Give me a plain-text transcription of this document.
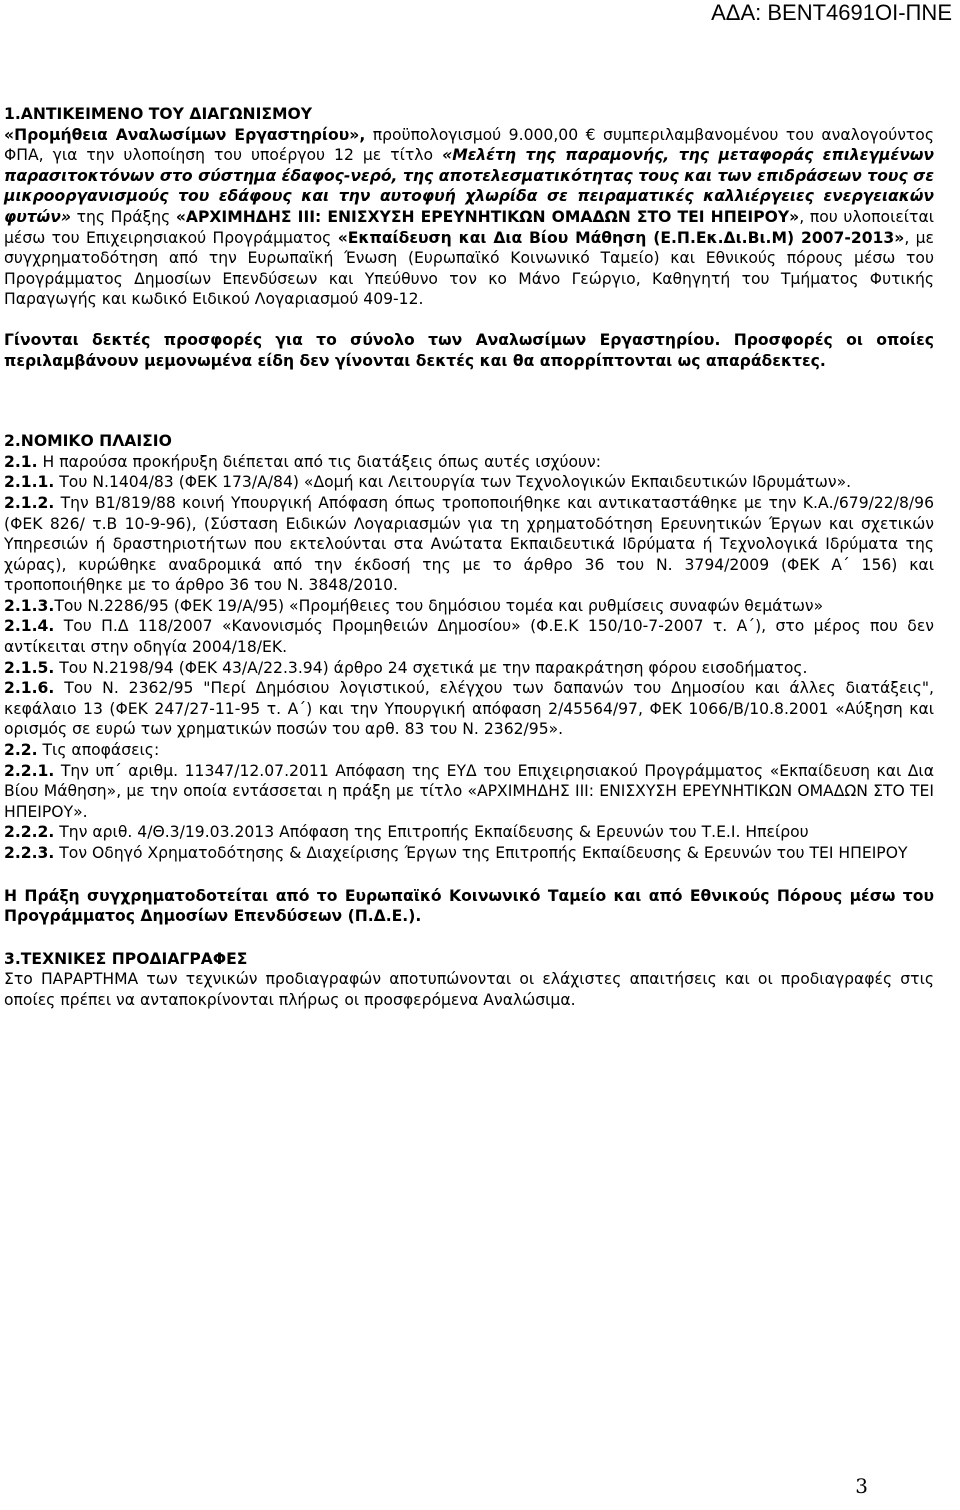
ΑΔΑ: ΒΕΝΤ4691ΟΙ-ΠΝΕ

1.ΑΝΤΙΚΕΙΜΕΝΟ ΤΟΥ ΔΙΑΓΩΝΙΣΜΟΥ

«Προμήθεια Αναλωσίμων Εργαστηρίου», προϋπολογισμού 9.000,00 € συμπεριλαμβανομένου του αναλογούντος ΦΠΑ, για την υλοποίηση του υποέργου 12 με τίτλο «Μελέτη της παραμονής, της μεταφοράς επιλεγμένων παρασιτοκτόνων στο σύστημα έδαφος-νερό, της αποτελεσματικότητας τους και των επιδράσεων τους σε μικροοργανισμούς του εδάφους και την αυτοφυή χλωρίδα σε πειραματικές καλλιέργειες ενεργειακών φυτών» της Πράξης «ΑΡΧΙΜΗΔΗΣ ΙΙΙ: ΕΝΙΣΧΥΣΗ ΕΡΕΥΝΗΤΙΚΩΝ ΟΜΑΔΩΝ ΣΤΟ ΤΕΙ ΗΠΕΙΡΟΥ», που υλοποιείται μέσω του Επιχειρησιακού Προγράμματος «Εκπαίδευση και Δια Βίου Μάθηση (Ε.Π.Εκ.Δι.Βι.Μ) 2007-2013», με συγχρηματοδότηση από την Ευρωπαϊκή Ένωση (Ευρωπαϊκό Κοινωνικό Ταμείο) και Εθνικούς πόρους μέσω του Προγράμματος Δημοσίων Επενδύσεων και Υπεύθυνο τον κο Μάνο Γεώργιο, Καθηγητή του Τμήματος Φυτικής Παραγωγής και κωδικό Ειδικού Λογαριασμού 409-12.

Γίνονται δεκτές προσφορές για το σύνολο των Αναλωσίμων Εργαστηρίου. Προσφορές οι οποίες περιλαμβάνουν μεμονωμένα είδη δεν γίνονται δεκτές και θα απορρίπτονται ως απαράδεκτες.

2.ΝΟΜΙΚΟ ΠΛΑΙΣΙΟ

2.1. Η παρούσα προκήρυξη διέπεται από τις διατάξεις όπως αυτές ισχύουν:

2.1.1. Του Ν.1404/83 (ΦΕΚ 173/Α/84) «Δομή και Λειτουργία των Τεχνολογικών Εκπαιδευτικών Ιδρυμάτων».

2.1.2. Την Β1/819/88 κοινή Υπουργική Απόφαση όπως τροποποιήθηκε και αντικαταστάθηκε με την Κ.Α./679/22/8/96 (ΦΕΚ 826/ τ.Β 10-9-96), (Σύσταση Ειδικών Λογαριασμών για τη χρηματοδότηση Ερευνητικών Έργων και σχετικών Υπηρεσιών ή δραστηριοτήτων που εκτελούνται στα Ανώτατα Εκπαιδευτικά Ιδρύματα ή Τεχνολογικά Ιδρύματα της χώρας), κυρώθηκε αναδρομικά από την έκδοσή της με το άρθρο 36 του Ν. 3794/2009 (ΦΕΚ Α΄ 156) και τροποποιήθηκε με το άρθρο 36 του Ν. 3848/2010.

2.1.3.Του Ν.2286/95 (ΦΕΚ 19/Α/95) «Προμήθειες του δημόσιου τομέα και ρυθμίσεις συναφών θεμάτων»

2.1.4. Του Π.Δ 118/2007 «Κανονισμός Προμηθειών Δημοσίου» (Φ.Ε.Κ 150/10-7-2007 τ. Α΄), στο μέρος που δεν αντίκειται στην οδηγία 2004/18/ΕΚ.

2.1.5. Του Ν.2198/94 (ΦΕΚ 43/Α/22.3.94) άρθρο 24 σχετικά με την παρακράτηση φόρου εισοδήματος.

2.1.6. Του Ν. 2362/95 "Περί Δημόσιου λογιστικού, ελέγχου των δαπανών του Δημοσίου και άλλες διατάξεις", κεφάλαιο 13 (ΦΕΚ 247/27-11-95 τ. Α΄) και την Υπουργική απόφαση 2/45564/97, ΦΕΚ 1066/Β/10.8.2001 «Αύξηση και ορισμός σε ευρώ των χρηματικών ποσών του αρθ. 83 του Ν. 2362/95».

2.2. Τις αποφάσεις:

2.2.1. Την υπ΄ αριθμ. 11347/12.07.2011 Απόφαση της ΕΥΔ του Επιχειρησιακού Προγράμματος «Εκπαίδευση και Δια Βίου Μάθηση», με την οποία εντάσσεται η πράξη με τίτλο «ΑΡΧΙΜΗΔΗΣ ΙΙΙ: ΕΝΙΣΧΥΣΗ ΕΡΕΥΝΗΤΙΚΩΝ ΟΜΑΔΩΝ ΣΤΟ ΤΕΙ ΗΠΕΙΡΟΥ».

2.2.2. Την αριθ. 4/Θ.3/19.03.2013 Απόφαση της Επιτροπής Εκπαίδευσης & Ερευνών του Τ.Ε.Ι. Ηπείρου

2.2.3. Τον Οδηγό Χρηματοδότησης & Διαχείρισης Έργων της Επιτροπής Εκπαίδευσης & Ερευνών του ΤΕΙ ΗΠΕΙΡΟΥ

Η Πράξη συγχρηματοδοτείται από το Ευρωπαϊκό Κοινωνικό Ταμείο και από Εθνικούς Πόρους μέσω του Προγράμματος Δημοσίων Επενδύσεων (Π.Δ.Ε.).

3.ΤΕΧΝΙΚΕΣ ΠΡΟΔΙΑΓΡΑΦΕΣ

Στο ΠΑΡΑΡΤΗΜΑ των τεχνικών προδιαγραφών αποτυπώνονται οι ελάχιστες απαιτήσεις και οι προδιαγραφές στις οποίες πρέπει να ανταποκρίνονται πλήρως οι προσφερόμενα Αναλώσιμα.

3
